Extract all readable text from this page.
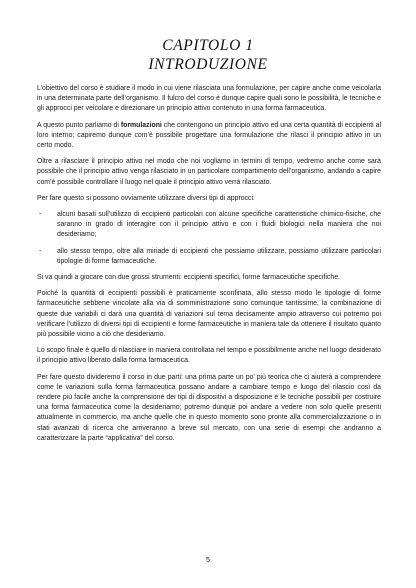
CAPITOLO 1
INTRODUZIONE

L’obiettivo del corso è studiare il modo in cui viene rilasciata una formulazione, per capire anche come veicolarla in una determinata parte dell’organismo. Il fulcro del corso è dunque capire quali sono le possibilità, le tecniche e gli approcci per veicolare e direzionare un principio attivo contenuto in una forma farmaceutica.

A questo punto parliamo di formulazioni che contengono un principio attivo ed una certa quantità di eccipienti al loro interno; capiremo dunque com’è possibile progettare una formulazione che rilasci il principio attivo in un certo modo.

Oltre a rilasciare il principio attivo nel modo che noi vogliamo in termini di tempo, vedremo anche come sarà possibile che il principio attivo venga rilasciato in un particolare compartimento dell’organismo, andando a capire com’è possibile controllare il luogo nel quale il principio attivo verrà rilasciato.

Per fare questo si possono ovviamente utilizzare diversi tipi di approcci:

- alcuni basati sull’utilizzo di eccipienti particolari con alcune specifiche caratteristiche chimico-fisiche, che saranno in grado di interagire con il principio attivo e con i fluidi biologici nella maniera che noi desideriamo;
- allo stesso tempo, oltre alla miriade di eccipienti che possiamo utilizzare, possiamo utilizzare particolari tipologie di forme farmaceutiche.

Si va quindi a giocare con due grossi strumenti: eccipienti specifici, forme farmaceutiche specifiche.

Poiché la quantità di eccipienti possibili è praticamente sconfinata, allo stesso modo le tipologie di forme farmaceutiche sebbene vincolate alla via di somministrazione sono comunque tantissime, la combinazione di queste due variabili ci darà una quantità di variazioni sul tema decisamente ampio attraverso cui potremo poi verificare l’utilizzo di diversi tipi di eccipienti e forme farmaceutiche in maniera tale da ottenere il risultato quanto più possibile vicino a ciò che desideriamo.

Lo scopo finale è quello di rilasciare in maniera controllata nel tempo e possibilmente anche nel luogo desiderato il principio attivo liberato dalla forma farmaceutica.

Per fare questo divideremo il corso in due parti: una prima parte un po’ più teorica che ci aiuterà a comprendere come le variazioni sulla forma farmaceutica possano andare a cambiare tempo e luogo del rilascio così da rendere più facile anche la comprensione dei tipi di dispositivi a disposizione e le tecniche possibili per costruire una forma farmaceutica come la desideriamo; potremo dunque poi andare a vedere non solo quelle presenti attualmente in commercio, ma anche quelle che in questo momento sono pronte alla commercializzazione o in stati avanzati di ricerca che arriveranno a breve sul mercato, con una serie di esempi che andranno a caratterizzare la parte “applicativa” del corso.

5
